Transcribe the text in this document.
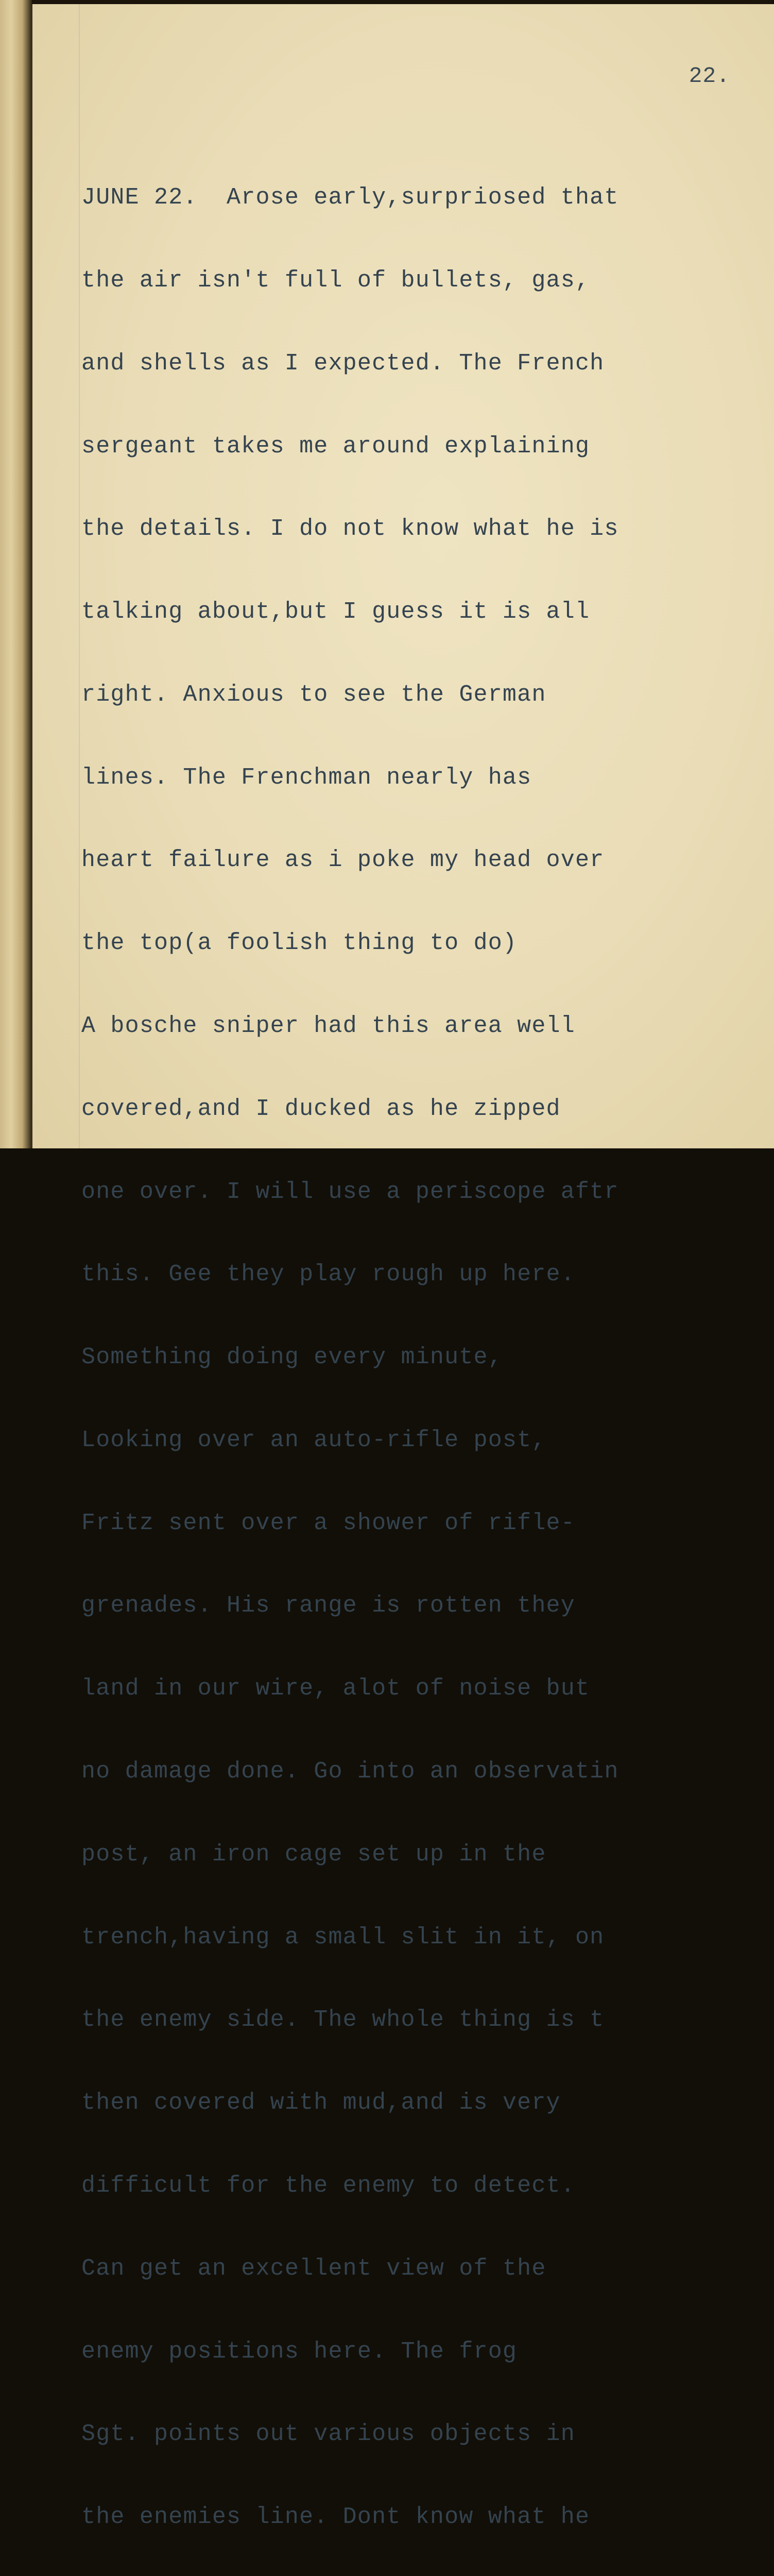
22.

JUNE 22.  Arose early,surpriosed that

the air isn't full of bullets, gas,

and shells as I expected. The French

sergeant takes me around explaining

the details. I do not know what he is

talking about,but I guess it is all

right. Anxious to see the German

lines. The Frenchman nearly has

heart failure as i poke my head over

the top(a foolish thing to do)

A bosche sniper had this area well

covered,and I ducked as he zipped

one over. I will use a periscope aftr

this. Gee they play rough up here.

Something doing every minute,

Looking over an auto-rifle post,

Fritz sent over a shower of rifle-

grenades. His range is rotten they

land in our wire, alot of noise but

no damage done. Go into an observatin

post, an iron cage set up in the

trench,having a small slit in it, on

the enemy side. The whole thing is t

then covered with mud,and is very

difficult for the enemy to detect.

Can get an excellent view of the

enemy positions here. The frog

Sgt. points out various objects in

the enemies line. Dont know what he
